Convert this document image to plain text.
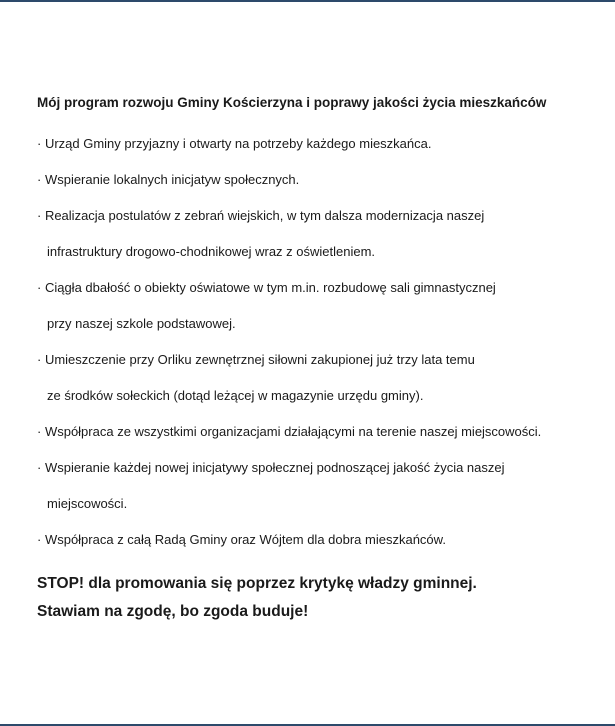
Mój program rozwoju Gminy Kościerzyna i poprawy jakości życia mieszkańców
· Urząd Gminy przyjazny i otwarty na potrzeby każdego mieszkańca.
· Wspieranie lokalnych inicjatyw społecznych.
· Realizacja postulatów z zebrań wiejskich, w tym dalsza modernizacja naszej
infrastruktury drogowo-chodnikowej wraz z oświetleniem.
· Ciągła dbałość o obiekty oświatowe w tym m.in. rozbudowę sali gimnastycznej
przy naszej szkole podstawowej.
· Umieszczenie przy Orliku zewnętrznej siłowni zakupionej już trzy lata temu
ze środków sołeckich (dotąd leżącej w magazynie urzędu gminy).
· Współpraca ze wszystkimi organizacjami działającymi na terenie naszej miejscowości.
· Wspieranie każdej nowej inicjatywy społecznej podnoszącej jakość życia naszej
miejscowości.
· Współpraca z całą Radą Gminy oraz Wójtem dla dobra mieszkańców.
STOP! dla promowania się poprzez krytykę władzy gminnej.
Stawiam na zgodę, bo zgoda buduje!
